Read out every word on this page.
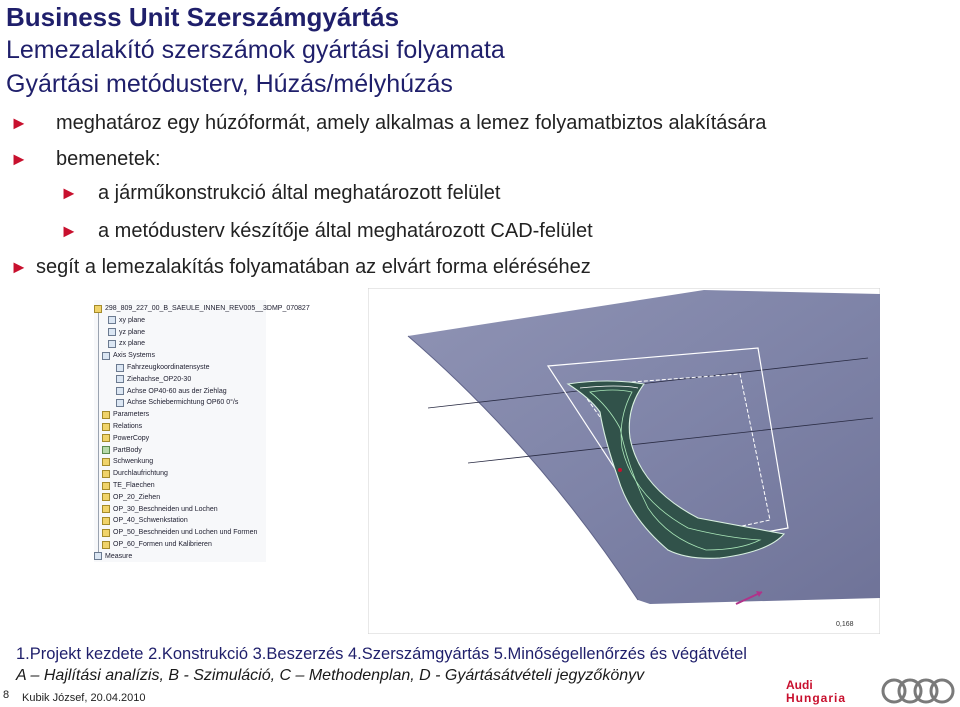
Business Unit Szerszámgyártás
Lemezalakító szerszámok gyártási folyamata
Gyártási metódusterv, Húzás/mélyhúzás
► meghatároz egy húzóformát, amely alkalmas a lemez folyamatbiztos alakítására
► bemenetek:
► a járműkonstrukció által meghatározott felület
► a metódusterv készítője által meghatározott CAD-felület
► segít a lemezalakítás folyamatában az elvárt forma eléréséhez
298_809_227_00_B_SAEULE_INNEN_REV005__3DMP_070827
xy plane
yz plane
zx plane
Axis Systems
Fahrzeugkoordinatensyste
Ziehachse_OP20-30
Achse OP40-60 aus der Ziehlag
Achse Schiebermichtung OP60 0°/s
Parameters
Relations
PowerCopy
PartBody
Schwenkung
Durchlaufrichtung
TE_Flaechen
OP_20_Ziehen
OP_30_Beschneiden und Lochen
OP_40_Schwenkstation
OP_50_Beschneiden und Lochen und Formen
OP_60_Formen und Kalibrieren
Measure
0,168
1.Projekt kezdete 2.Konstrukció 3.Beszerzés 4.Szerszámgyártás 5.Minőségellenőrzés és végátvétel
A – Hajlítási analízis, B - Szimuláció, C – Methodenplan, D - Gyártásátvételi jegyzőkönyv
8 Kubik József, 20.04.2010
Audi
Hungaria
